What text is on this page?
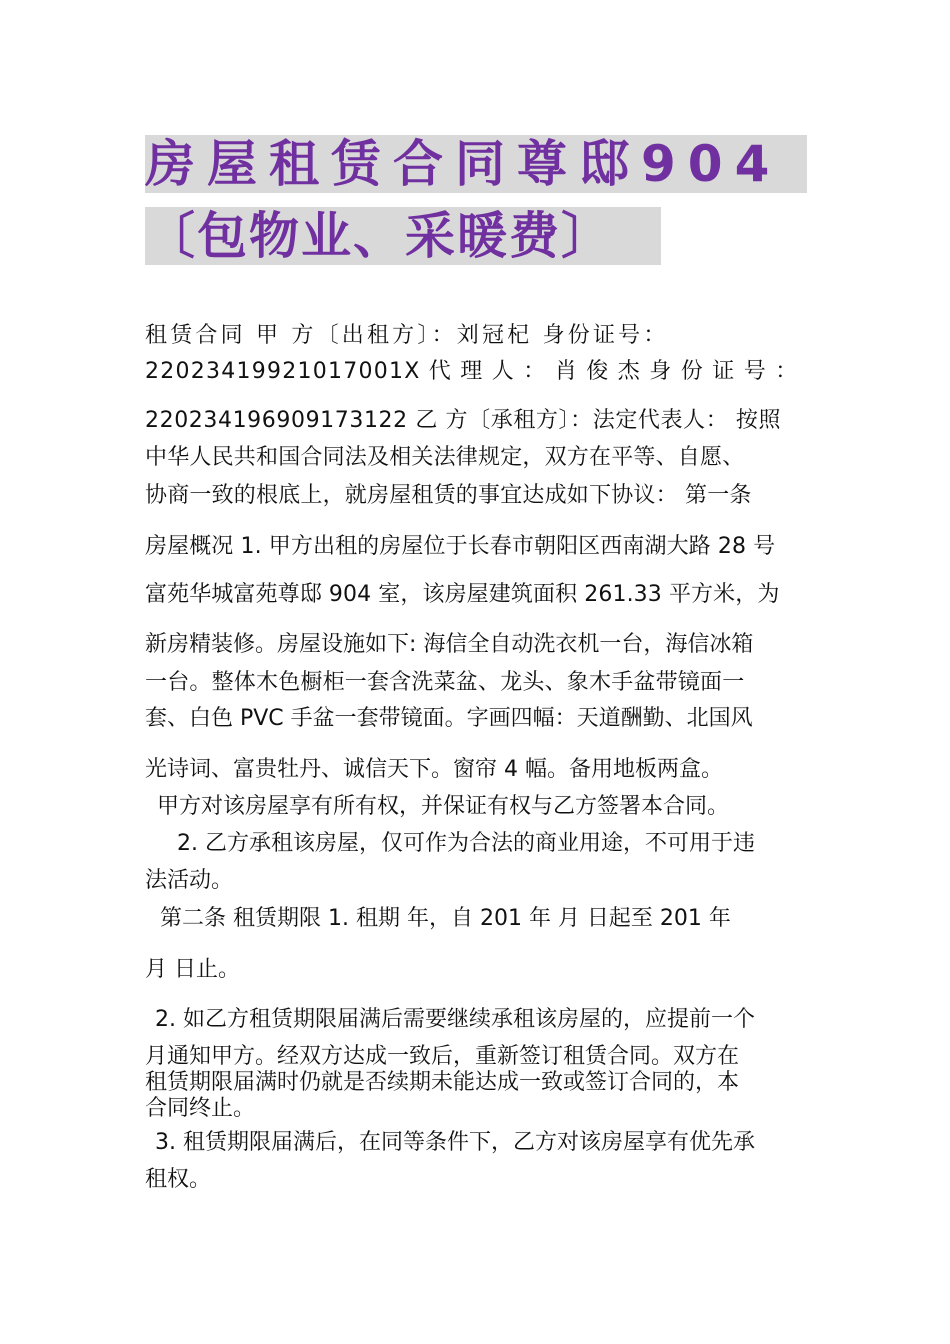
房屋租赁合同尊邸904
〔包物业、采暖费〕
租赁合同 甲 方〔出租方〕：刘冠杞 身份证号：
22023419921017001X 代 理 人 ： 肖 俊 杰 身 份 证 号 ：
220234196909173122 乙 方〔承租方〕：法定代表人： 按照
中华人民共和国合同法及相关法律规定，双方在平等、自愿、
协商一致的根底上，就房屋租赁的事宜达成如下协议： 第一条
房屋概况 1. 甲方出租的房屋位于长春市朝阳区西南湖大路 28 号
富苑华城富苑尊邸 904 室，该房屋建筑面积 261.33 平方米，为
新房精装修。房屋设施如下: 海信全自动洗衣机一台，海信冰箱
一台。整体木色橱柜一套含洗菜盆、龙头、象木手盆带镜面一
套、白色 PVC 手盆一套带镜面。字画四幅：天道酬勤、北国风
光诗词、富贵牡丹、诚信天下。窗帘 4 幅。备用地板两盒。
甲方对该房屋享有所有权，并保证有权与乙方签署本合同。
2. 乙方承租该房屋，仅可作为合法的商业用途，不可用于违
法活动。
第二条 租赁期限 1. 租期 年，自 201 年 月 日起至 201 年
月 日止。
2. 如乙方租赁期限届满后需要继续承租该房屋的，应提前一个
月通知甲方。经双方达成一致后，重新签订租赁合同。双方在
租赁期限届满时仍就是否续期未能达成一致或签订合同的，本
合同终止。
3. 租赁期限届满后，在同等条件下，乙方对该房屋享有优先承
租权。
